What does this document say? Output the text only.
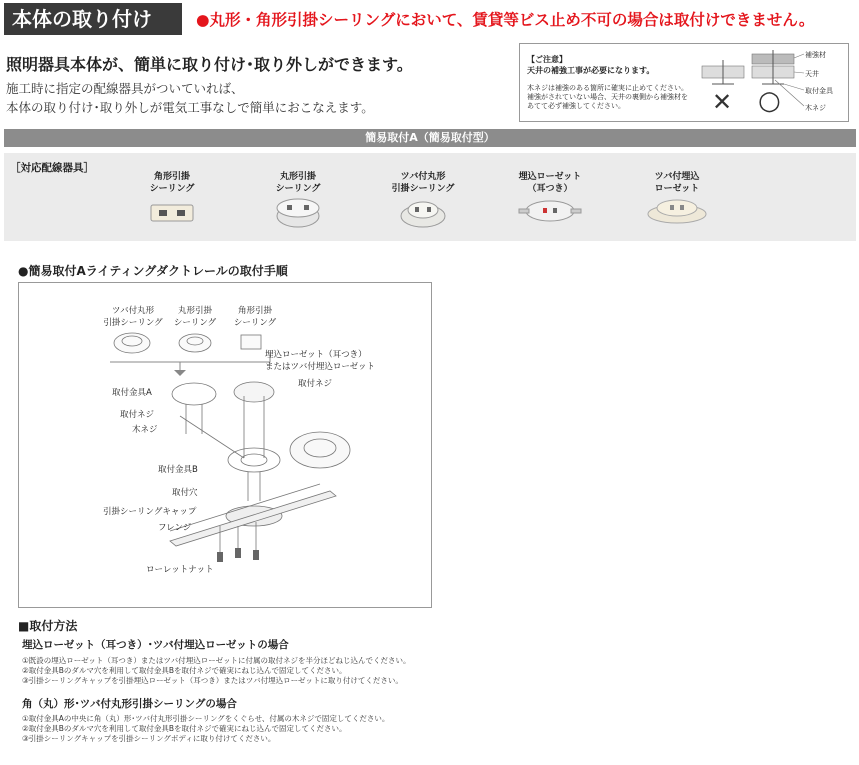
本体の取り付け	●丸形・角形引掛シーリングにおいて、賃貸等ビス止め不可の場合は取付けできません。
照明器具本体が、簡単に取り付け･取り外しができます。
施工時に指定の配線器具がついていれば、
本体の取り付け･取り外しが電気工事なしで簡単におこなえます。
【ご注意】
天井の補強工事が必要になります。
木ネジは補強のある箇所に確実に止めてください。
補強がされていない場合、天井の裏側から補強材を
あてて必ず補強してください。
補強材
天井
取付金具
木ネジ
✕ ○
簡易取付A（簡易取付型）
［対応配線器具］
角形引掛
シーリング
丸形引掛
シーリング
ツバ付丸形
引掛シーリング
埋込ローゼット
（耳つき）
ツバ付埋込
ローゼット
●簡易取付Aライティングダクトレールの取付手順
ツバ付丸形
引掛シーリング
丸形引掛
シーリング
角形引掛
シーリング
埋込ローゼット（耳つき）
またはツバ付埋込ローゼット
取付ネジ
取付金具A
取付ネジ
木ネジ
取付金具B
取付穴
引掛シーリングキャップ
フレンジ
ローレットナット
■取付方法
埋込ローゼット（耳つき）･ツバ付埋込ローゼットの場合
①既設の埋込ローゼット（耳つき）またはツバ付埋込ローゼットに付属の取付ネジを半分ほどねじ込んでください。
②取付金具Bのダルマ穴を利用して取付金具Bを取付ネジで確実にねじ込んで固定してください。
③引掛シーリングキャップを引掛埋込ローゼット（耳つき）またはツバ付埋込ローゼットに取り付けてください。
角（丸）形･ツバ付丸形引掛シーリングの場合
①取付金具Aの中央に角（丸）形･ツバ付丸形引掛シーリングをくぐらせ、付属の木ネジで固定してください。
②取付金具Bのダルマ穴を利用して取付金具Bを取付ネジで確実にねじ込んで固定してください。
③引掛シーリングキャップを引掛シーリングボディに取り付けてください。
